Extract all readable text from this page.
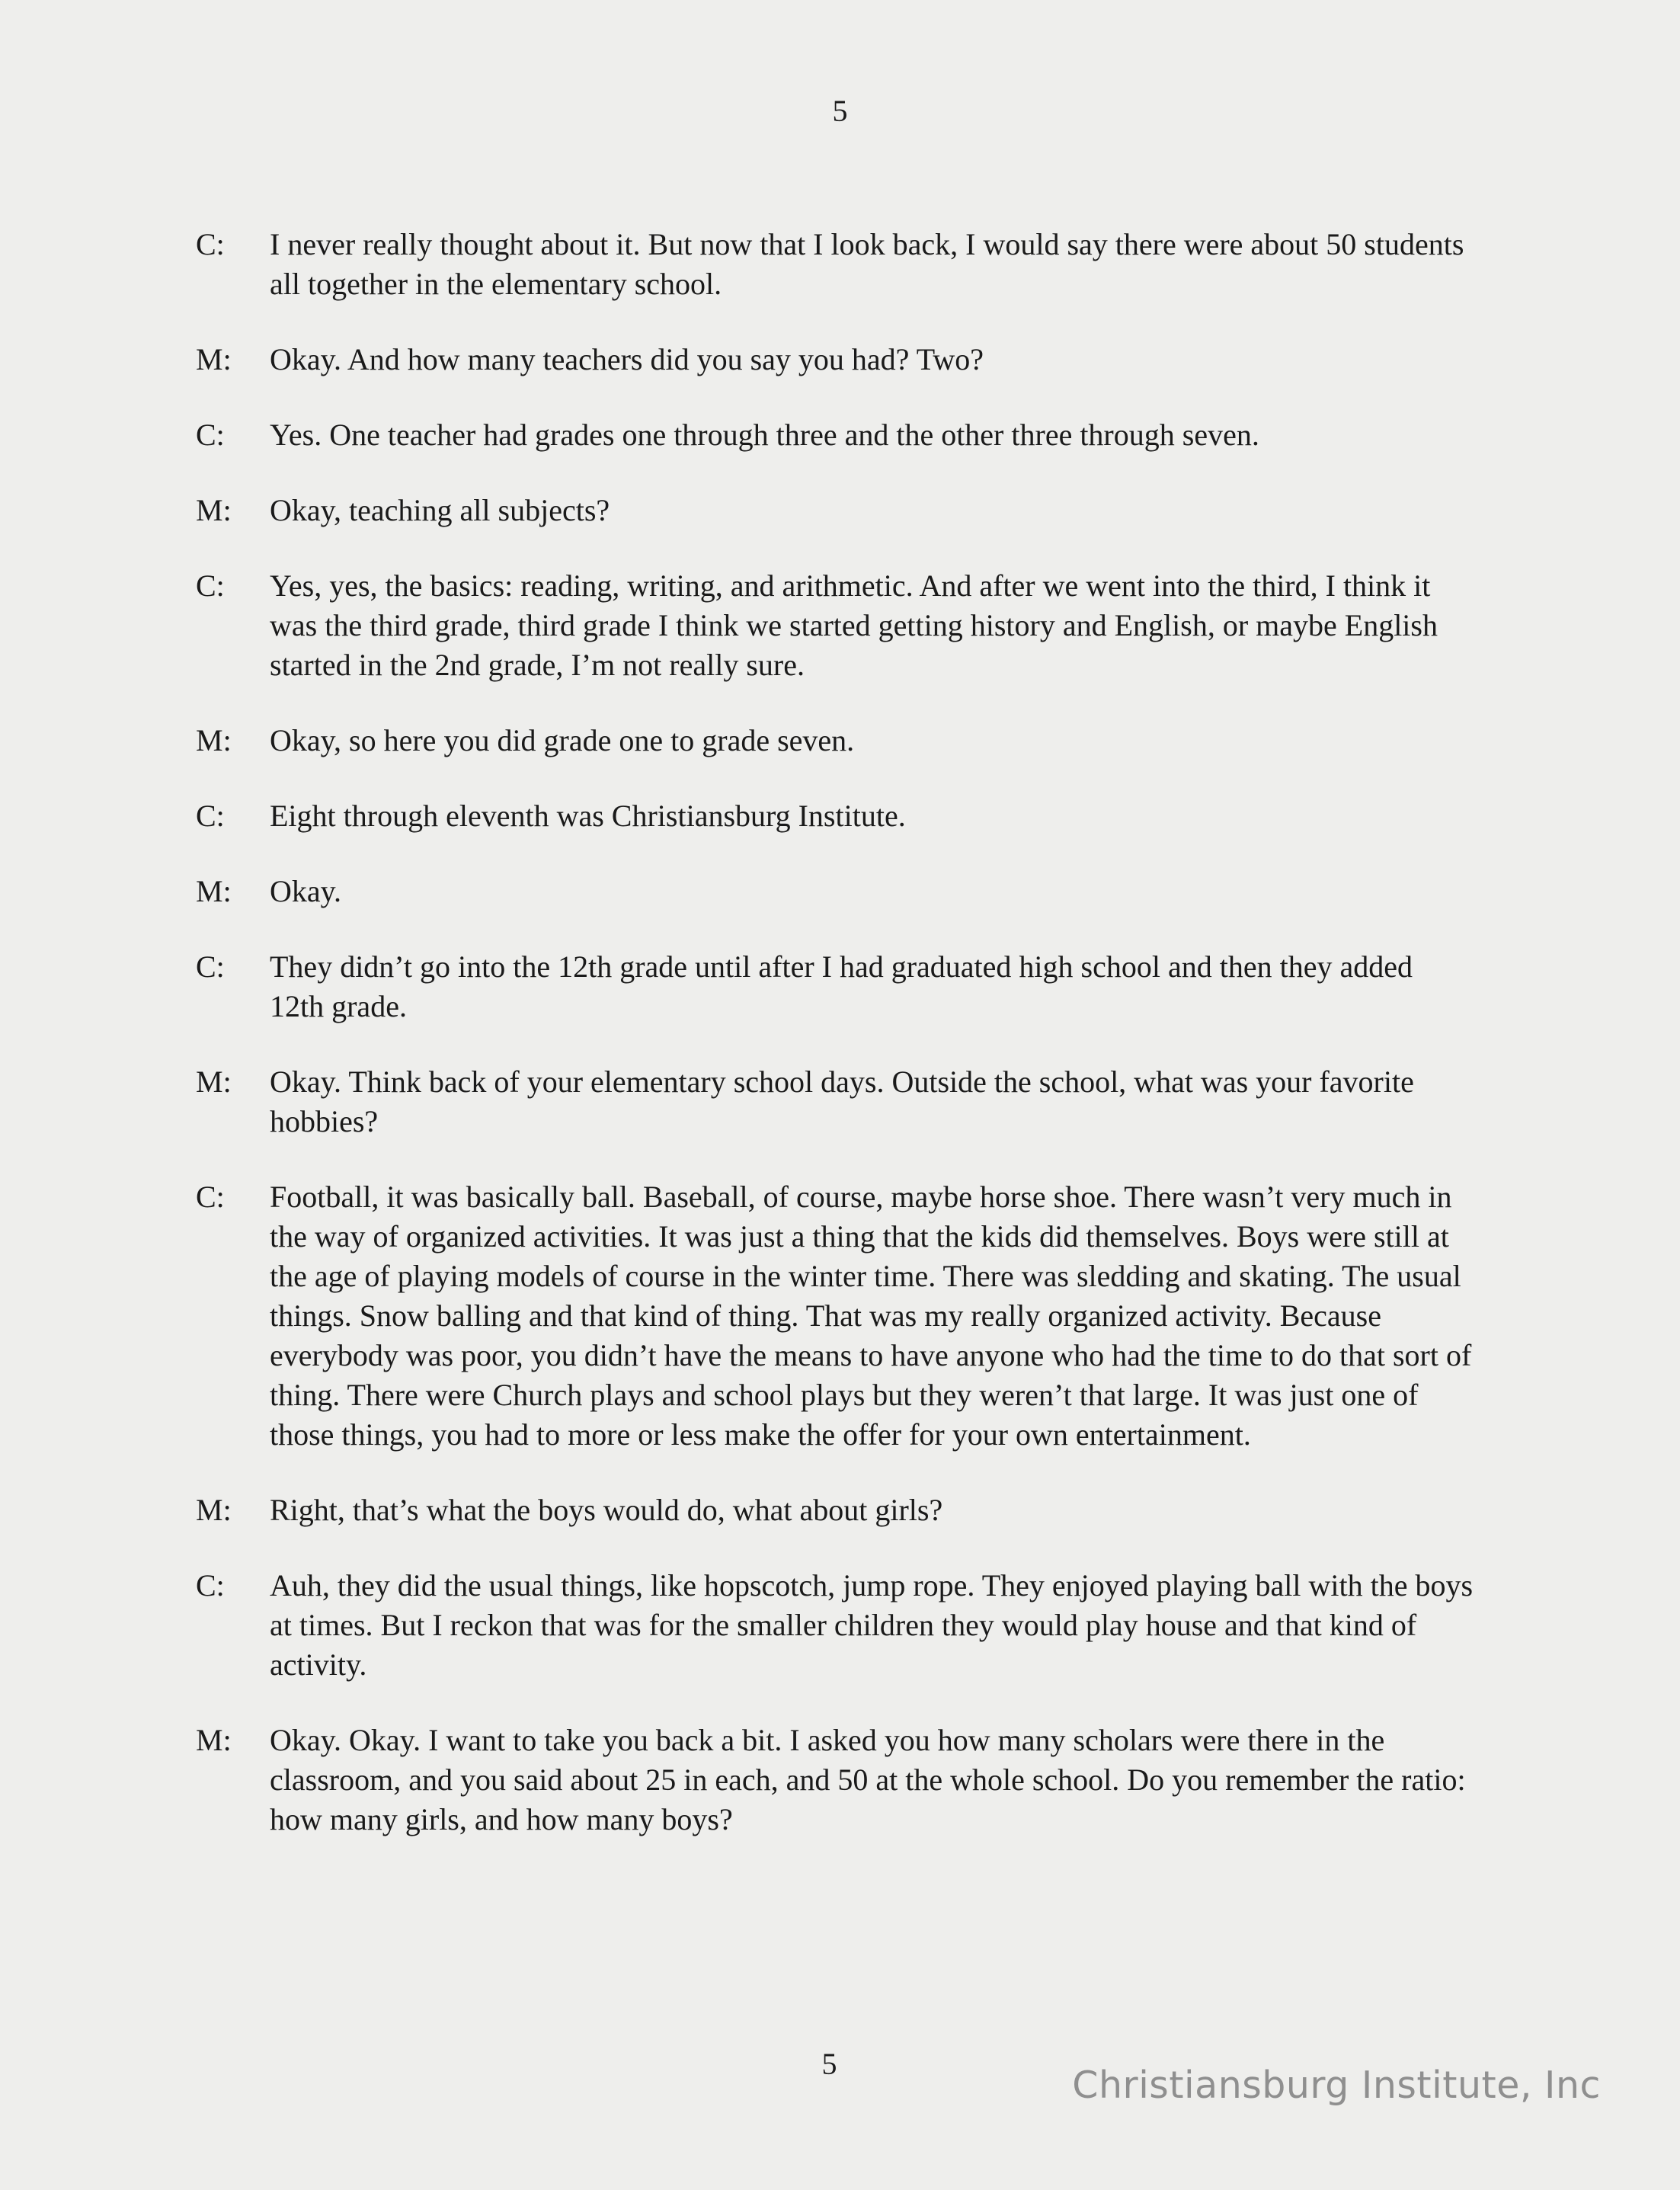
5
C:	I never really thought about it. But now that I look back, I would say there were about 50 students all together in the elementary school.
M:	Okay. And how many teachers did you say you had? Two?
C:	Yes. One teacher had grades one through three and the other three through seven.
M:	Okay, teaching all subjects?
C:	Yes, yes, the basics: reading, writing, and arithmetic. And after we went into the third, I think it was the third grade, third grade I think we started getting history and English, or maybe English started in the 2nd grade, I’m not really sure.
M:	Okay, so here you did grade one to grade seven.
C:	Eight through eleventh was Christiansburg Institute.
M:	Okay.
C:	They didn’t go into the 12th grade until after I had graduated high school and then they added 12th grade.
M:	Okay. Think back of your elementary school days. Outside the school, what was your favorite hobbies?
C:	Football, it was basically ball. Baseball, of course, maybe horse shoe. There wasn’t very much in the way of organized activities. It was just a thing that the kids did themselves. Boys were still at the age of playing models of course in the winter time. There was sledding and skating. The usual things. Snow balling and that kind of thing. That was my really organized activity. Because everybody was poor, you didn’t have the means to have anyone who had the time to do that sort of thing. There were Church plays and school plays but they weren’t that large. It was just one of those things, you had to more or less make the offer for your own entertainment.
M:	Right, that’s what the boys would do, what about girls?
C:	Auh, they did the usual things, like hopscotch, jump rope. They enjoyed playing ball with the boys at times. But I reckon that was for the smaller children they would play house and that kind of activity.
M:	Okay. Okay. I want to take you back a bit. I asked you how many scholars were there in the classroom, and you said about 25 in each, and 50 at the whole school. Do you remember the ratio: how many girls, and how many boys?
5	Christiansburg Institute, Inc
